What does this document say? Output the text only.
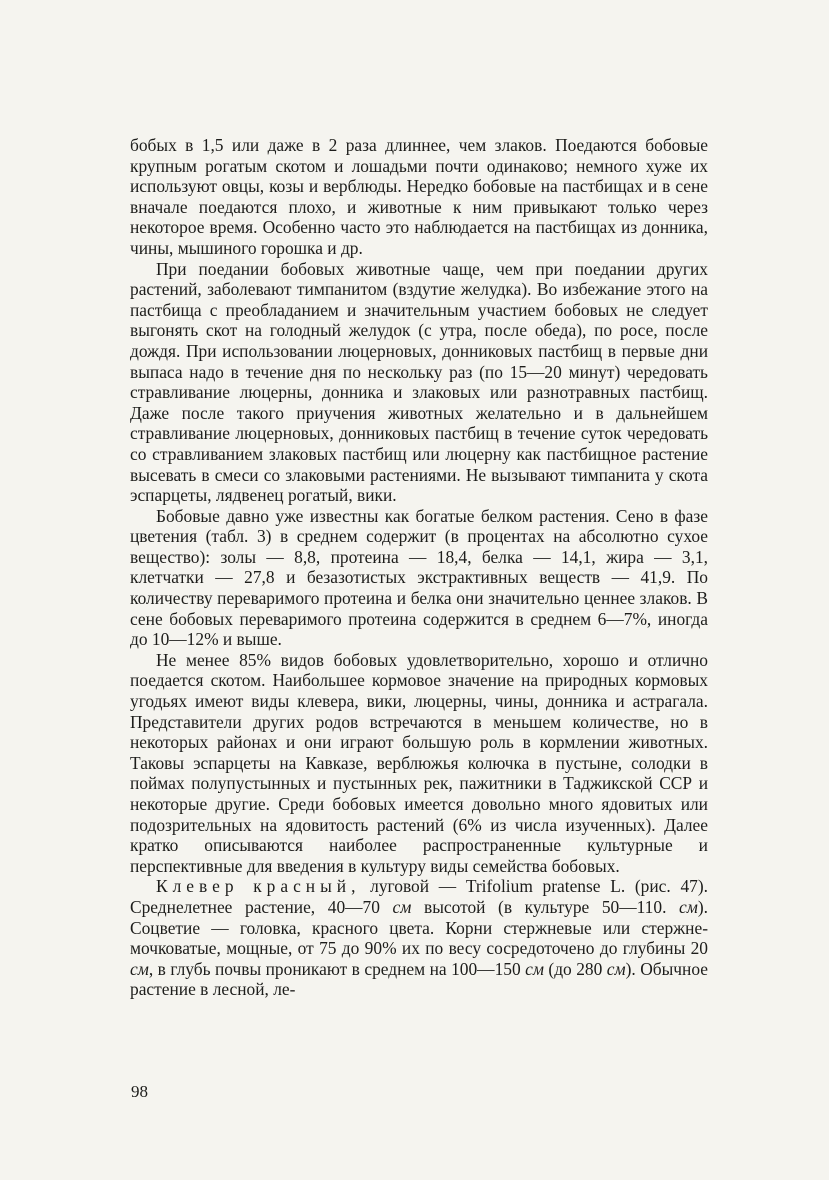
бобых в 1,5 или даже в 2 раза длиннее, чем злаков. Поедаются бобовые крупным рогатым скотом и лошадьми почти одинаково; немного хуже их используют овцы, козы и верблюды. Нередко бобовые на пастбищах и в сене вначале поедаются плохо, и животные к ним привыкают только через некоторое время. Особенно часто это наблюдается на пастбищах из донника, чины, мышиного горошка и др.

При поедании бобовых животные чаще, чем при поедании других растений, заболевают тимпанитом (вздутие желудка). Во избежание этого на пастбища с преобладанием и значительным участием бобовых не следует выгонять скот на голодный желудок (с утра, после обеда), по росе, после дождя. При использовании люцерновых, донниковых пастбищ в первые дни выпаса надо в течение дня по нескольку раз (по 15—20 минут) чередовать стравливание люцерны, донника и злаковых или разнотравных пастбищ. Даже после такого приучения животных желательно и в дальнейшем стравливание люцерновых, донниковых пастбищ в течение суток чередовать со стравливанием злаковых пастбищ или люцерну как пастбищное растение высевать в смеси со злаковыми растениями. Не вызывают тимпанита у скота эспарцеты, лядвенец рогатый, вики.

Бобовые давно уже известны как богатые белком растения. Сено в фазе цветения (табл. 3) в среднем содержит (в процентах на абсолютно сухое вещество): золы — 8,8, протеина — 18,4, белка — 14,1, жира — 3,1, клетчатки — 27,8 и безазотистых экстрактивных веществ — 41,9. По количеству переваримого протеина и белка они значительно ценнее злаков. В сене бобовых переваримого протеина содержится в среднем 6—7%, иногда до 10—12% и выше.

Не менее 85% видов бобовых удовлетворительно, хорошо и отлично поедается скотом. Наибольшее кормовое значение на природных кормовых угодьях имеют виды клевера, вики, люцерны, чины, донника и астрагала. Представители других родов встречаются в меньшем количестве, но в некоторых районах и они играют большую роль в кормлении животных. Таковы эспарцеты на Кавказе, верблюжья колючка в пустыне, солодки в поймах полупустынных и пустынных рек, пажитники в Таджикской ССР и некоторые другие. Среди бобовых имеется довольно много ядовитых или подозрительных на ядовитость растений (6% из числа изученных). Далее кратко описываются наиболее распространенные культурные и перспективные для введения в культуру виды семейства бобовых.

Клевер красный, луговой — Trifolium pratense L. (рис. 47). Среднелетнее растение, 40—70 см высотой (в культуре 50—110. см). Соцветие — головка, красного цвета. Корни стержневые или стержне-мочковатые, мощные, от 75 до 90% их по весу сосредоточено до глубины 20 см, в глубь почвы проникают в среднем на 100—150 см (до 280 см). Обычное растение в лесной, ле-

98
